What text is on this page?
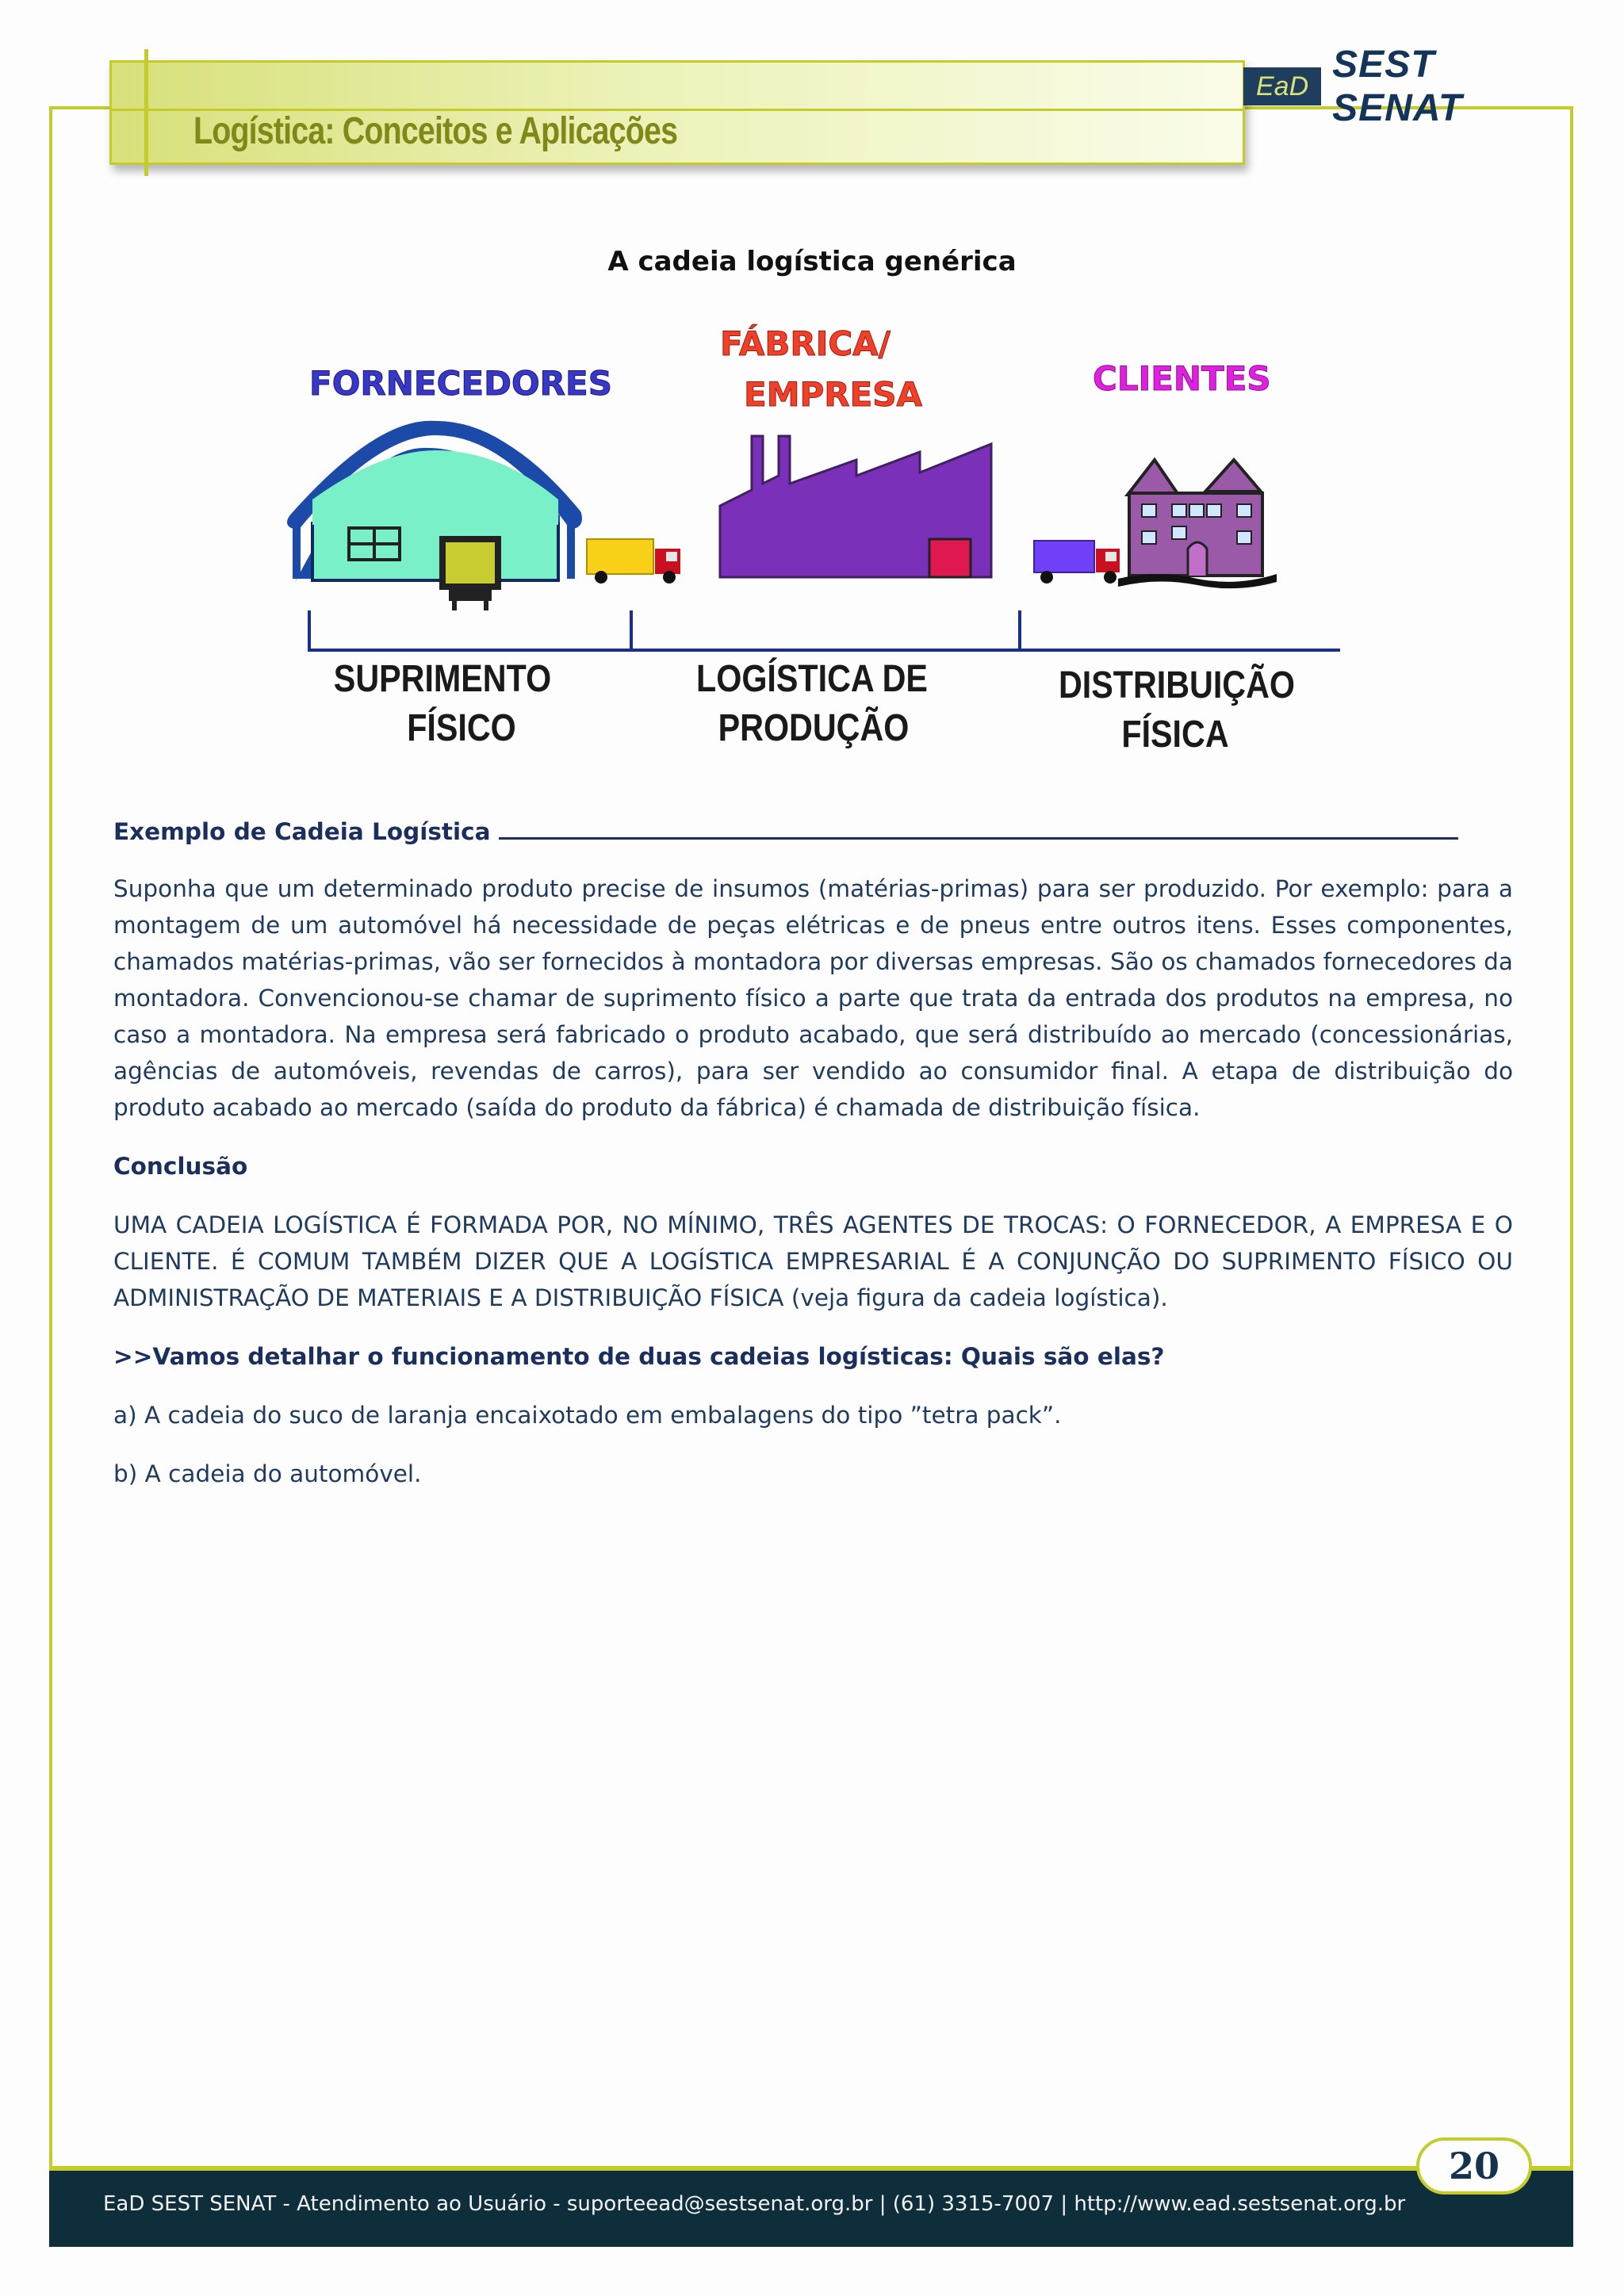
Logística: Conceitos e Aplicações
EaD
SEST SENAT
A cadeia logística genérica
FORNECEDORES
FÁBRICA/
EMPRESA	CLIENTES
SUPRIMENTO
FÍSICO
LOGÍSTICA DE
PRODUÇÃO
DISTRIBUIÇÃO
FÍSICA

Exemplo de Cadeia Logística

Suponha que um determinado produto precise de insumos (matérias-primas) para ser produzido. Por exemplo: para a montagem de um automóvel há necessidade de peças elétricas e de pneus entre outros itens. Esses componentes, chamados matérias-primas, vão ser fornecidos à montadora por diversas empresas. São os chamados fornecedores da montadora. Convencionou-se chamar de suprimento físico a parte que trata da entrada dos produtos na empresa, no caso a montadora. Na empresa será fabricado o produto acabado, que será distribuído ao mercado (concessionárias, agências de automóveis, revendas de carros), para ser vendido ao consumidor final. A etapa de distribuição do produto acabado ao mercado (saída do produto da fábrica) é chamada de distribuição física.

Conclusão

UMA CADEIA LOGÍSTICA É FORMADA POR, NO MÍNIMO, TRÊS AGENTES DE TROCAS: O FORNECEDOR, A EMPRESA E O CLIENTE. É COMUM TAMBÉM DIZER QUE A LOGÍSTICA EMPRESARIAL É A CONJUNÇÃO DO SUPRIMENTO FÍSICO OU ADMINISTRAÇÃO DE MATERIAIS E A DISTRIBUIÇÃO FÍSICA (veja figura da cadeia logística).

>>Vamos detalhar o funcionamento de duas cadeias logísticas: Quais são elas?

a) A cadeia do suco de laranja encaixotado em embalagens do tipo ”tetra pack”.

b) A cadeia do automóvel.

EaD SEST SENAT - Atendimento ao Usuário - suporteead@sestsenat.org.br | (61) 3315-7007 | http://www.ead.sestsenat.org.br
20
